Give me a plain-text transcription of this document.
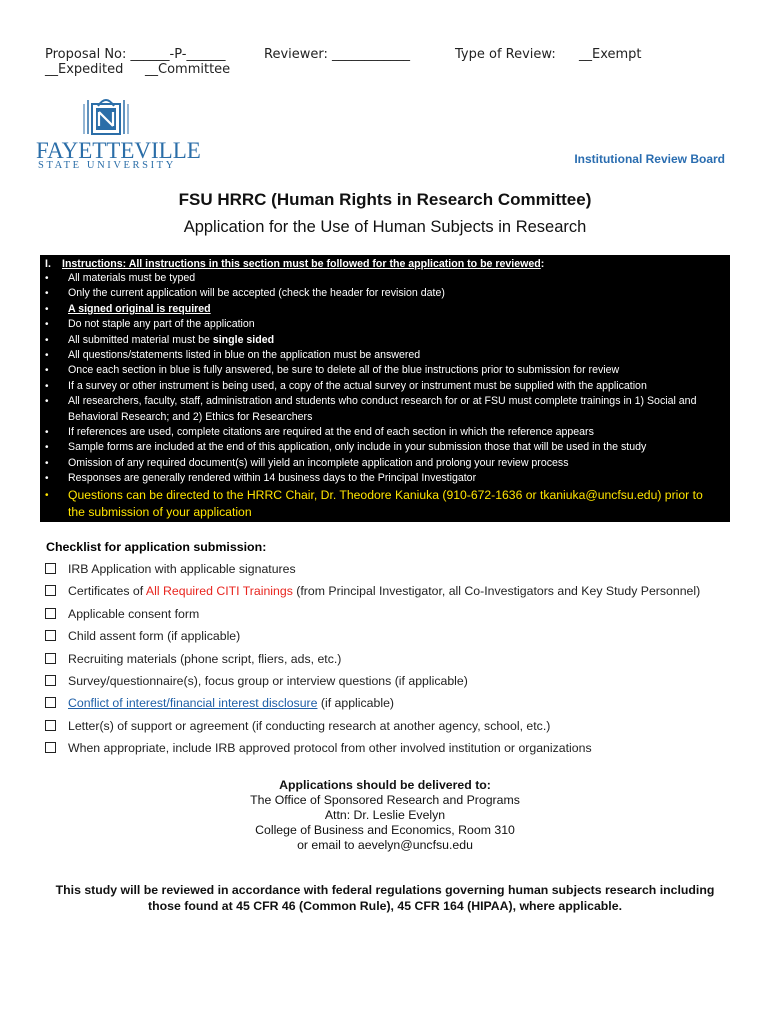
Proposal No: ______-P-______	Reviewer: ____________	Type of Review: __Exempt
__Expedited __Committee
FAYETTEVILLE
STATE UNIVERSITY	Institutional Review Board
FSU HRRC (Human Rights in Research Committee)
Application for the Use of Human Subjects in Research
I. Instructions: All instructions in this section must be followed for the application to be reviewed:
• All materials must be typed
• Only the current application will be accepted (check the header for revision date)
• A signed original is required
• Do not staple any part of the application
• All submitted material must be single sided
• All questions/statements listed in blue on the application must be answered
• Once each section in blue is fully answered, be sure to delete all of the blue instructions prior to submission for review
• If a survey or other instrument is being used, a copy of the actual survey or instrument must be supplied with the application
• All researchers, faculty, staff, administration and students who conduct research for or at FSU must complete trainings in 1) Social and Behavioral Research; and 2) Ethics for Researchers
• If references are used, complete citations are required at the end of each section in which the reference appears
• Sample forms are included at the end of this application, only include in your submission those that will be used in the study
• Omission of any required document(s) will yield an incomplete application and prolong your review process
• Responses are generally rendered within 14 business days to the Principal Investigator
• Questions can be directed to the HRRC Chair, Dr. Theodore Kaniuka (910-672-1636 or tkaniuka@uncfsu.edu) prior to the submission of your application
Checklist for application submission:
IRB Application with applicable signatures
Certificates of All Required CITI Trainings (from Principal Investigator, all Co-Investigators and Key Study Personnel)
Applicable consent form
Child assent form (if applicable)
Recruiting materials (phone script, fliers, ads, etc.)
Survey/questionnaire(s), focus group or interview questions (if applicable)
Conflict of interest/financial interest disclosure (if applicable)
Letter(s) of support or agreement (if conducting research at another agency, school, etc.)
When appropriate, include IRB approved protocol from other involved institution or organizations
Applications should be delivered to:
The Office of Sponsored Research and Programs
Attn: Dr. Leslie Evelyn
College of Business and Economics, Room 310
or email to aevelyn@uncfsu.edu
This study will be reviewed in accordance with federal regulations governing human subjects research including
those found at 45 CFR 46 (Common Rule), 45 CFR 164 (HIPAA), where applicable.
